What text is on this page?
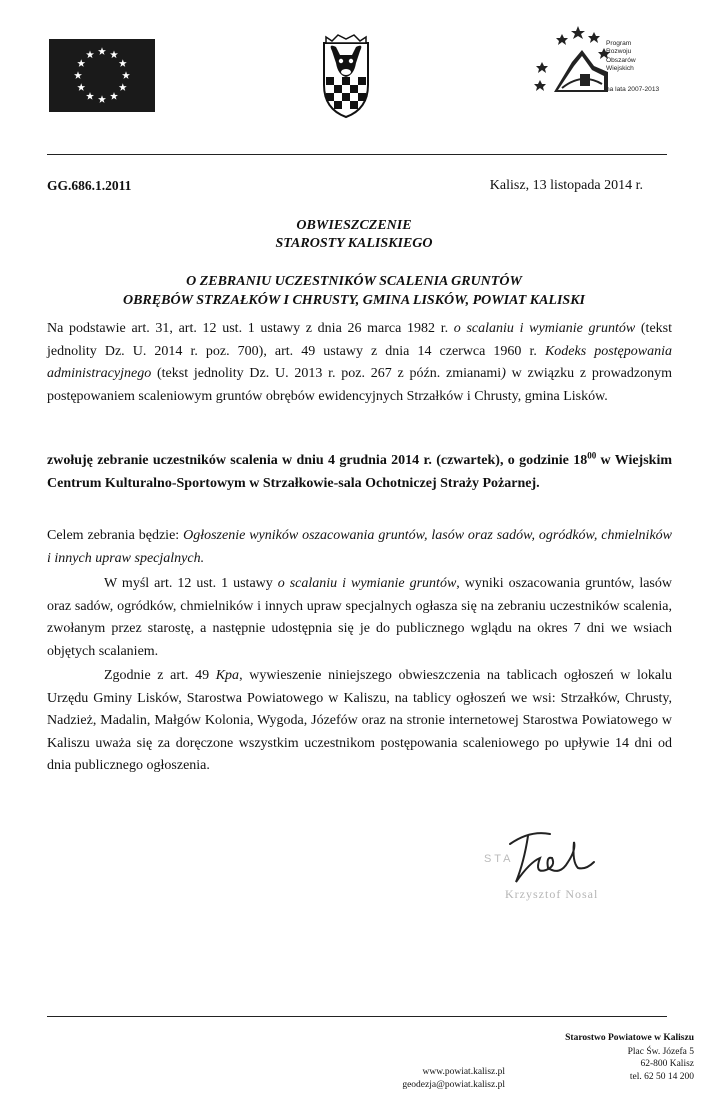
Program
Rozwoju
Obszarów
Wiejskich
na lata 2007-2013
GG.686.1.2011	Kalisz, 13 listopada 2014 r.
OBWIESZCZENIE
STAROSTY KALISKIEGO
O ZEBRANIU UCZESTNIKÓW SCALENIA GRUNTÓW
OBRĘBÓW STRZAŁKÓW I CHRUSTY, GMINA LISKÓW, POWIAT KALISKI
Na podstawie art. 31, art. 12 ust. 1 ustawy z dnia 26 marca 1982 r. o scalaniu i wymianie gruntów (tekst jednolity Dz. U. 2014 r. poz. 700), art. 49 ustawy z dnia 14 czerwca 1960 r. Kodeks postępowania administracyjnego (tekst jednolity Dz. U. 2013 r. poz. 267 z późn. zmianami) w związku z prowadzonym postępowaniem scaleniowym gruntów obrębów ewidencyjnych Strzałków i Chrusty, gmina Lisków.
zwołuję zebranie uczestników scalenia w dniu 4 grudnia 2014 r. (czwartek), o godzinie $18^{00}$ w Wiejskim Centrum Kulturalno-Sportowym w Strzałkowie-sala Ochotniczej Straży Pożarnej.
Celem zebrania będzie: Ogłoszenie wyników oszacowania gruntów, lasów oraz sadów, ogródków, chmielników i innych upraw specjalnych.
W myśl art. 12 ust. 1 ustawy o scalaniu i wymianie gruntów, wyniki oszacowania gruntów, lasów oraz sadów, ogródków, chmielników i innych upraw specjalnych ogłasza się na zebraniu uczestników scalenia, zwołanym przez starostę, a następnie udostępnia się je do publicznego wglądu na okres 7 dni we wsiach objętych scalaniem.
Zgodnie z art. 49 Kpa, wywieszenie niniejszego obwieszczenia na tablicach ogłoszeń w lokalu Urzędu Gminy Lisków, Starostwa Powiatowego w Kaliszu, na tablicy ogłoszeń we wsi: Strzałków, Chrusty, Nadzież, Madalin, Małgów Kolonia, Wygoda, Józefów oraz na stronie internetowej Starostwa Powiatowego w Kaliszu uważa się za doręczone wszystkim uczestnikom postępowania scaleniowego po upływie 14 dni od dnia publicznego ogłoszenia.
S T A
Krzysztof Nosal
www.powiat.kalisz.pl
geodezja@powiat.kalisz.pl
Starostwo Powiatowe w Kaliszu
Plac Św. Józefa 5
62-800 Kalisz
tel. 62 50 14 200
